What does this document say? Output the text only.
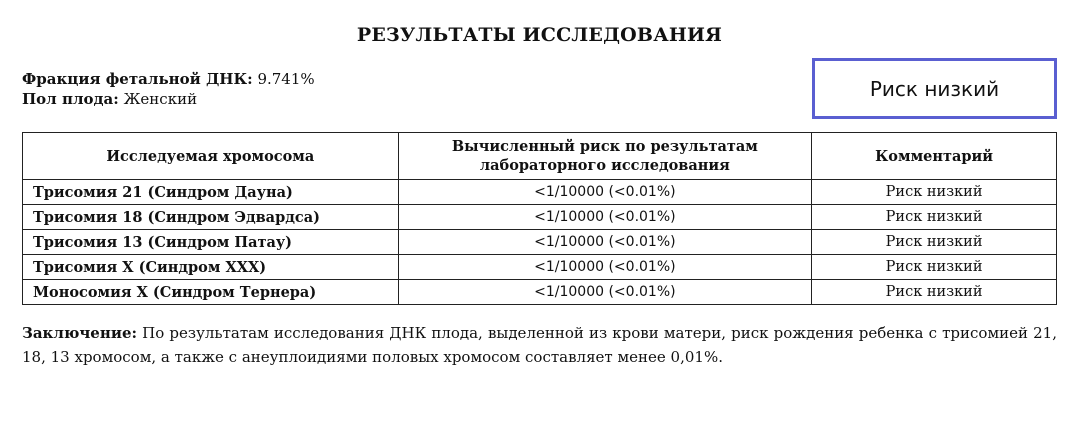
РЕЗУЛЬТАТЫ ИССЛЕДОВАНИЯ
Фракция фетальной ДНК: 9.741%
Пол плода: Женский	Риск низкий
Исследуемая хромосома	Вычисленный риск по результатам лабораторного исследования	Комментарий
Трисомия 21 (Синдром Дауна)	<1/10000 (<0.01%)	Риск низкий
Трисомия 18 (Синдром Эдвардса)	<1/10000 (<0.01%)	Риск низкий
Трисомия 13 (Синдром Патау)	<1/10000 (<0.01%)	Риск низкий
Трисомия Х (Синдром ХХХ)	<1/10000 (<0.01%)	Риск низкий
Моносомия Х (Синдром Тернера)	<1/10000 (<0.01%)	Риск низкий
Заключение: По результатам исследования ДНК плода, выделенной из крови матери, риск рождения ребенка с трисомией 21, 18, 13 хромосом, а также с анеуплоидиями половых хромосом составляет менее 0,01%.
